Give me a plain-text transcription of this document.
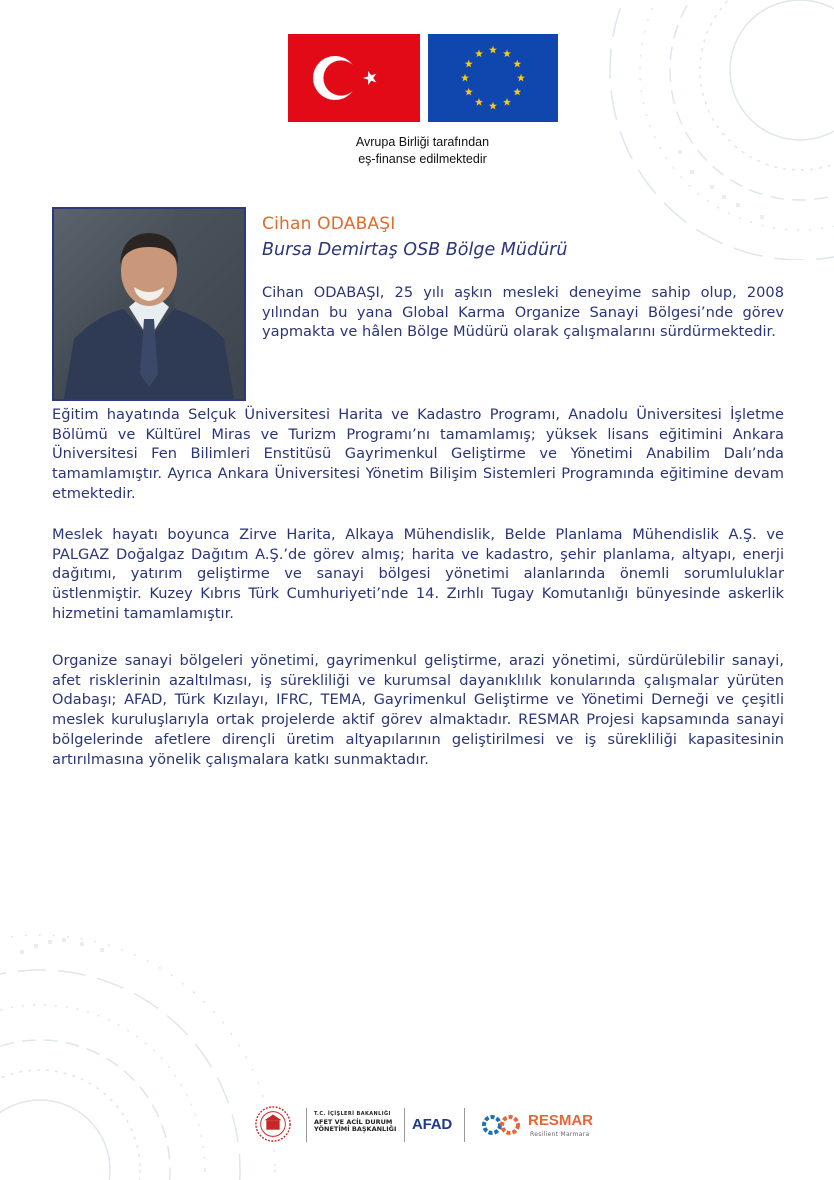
Avrupa Birliği tarafından
eş-finanse edilmektedir
Cihan ODABAŞI
Bursa Demirtaş OSB Bölge Müdürü
Cihan ODABAŞI, 25 yılı aşkın mesleki deneyime sahip olup, 2008 yılından bu yana Global Karma Organize Sanayi Bölgesi’nde görev yapmakta ve hâlen Bölge Müdürü olarak çalışmalarını sürdürmektedir.
Eğitim hayatında Selçuk Üniversitesi Harita ve Kadastro Programı, Anadolu Üniversitesi İşletme Bölümü ve Kültürel Miras ve Turizm Programı’nı tamamlamış; yüksek lisans eğitimini Ankara Üniversitesi Fen Bilimleri Enstitüsü Gayrimenkul Geliştirme ve Yönetimi Anabilim Dalı’nda tamamlamıştır. Ayrıca Ankara Üniversitesi Yönetim Bilişim Sistemleri Programında eğitimine devam etmektedir.
Meslek hayatı boyunca Zirve Harita, Alkaya Mühendislik, Belde Planlama Mühendislik A.Ş. ve PALGAZ Doğalgaz Dağıtım A.Ş.’de görev almış; harita ve kadastro, şehir planlama, altyapı, enerji dağıtımı, yatırım geliştirme ve sanayi bölgesi yönetimi alanlarında önemli sorumluluklar üstlenmiştir. Kuzey Kıbrıs Türk Cumhuriyeti’nde 14. Zırhlı Tugay Komutanlığı bünyesinde askerlik hizmetini tamamlamıştır.
Organize sanayi bölgeleri yönetimi, gayrimenkul geliştirme, arazi yönetimi, sürdürülebilir sanayi, afet risklerinin azaltılması, iş sürekliliği ve kurumsal dayanıklılık konularında çalışmalar yürüten Odabaşı; AFAD, Türk Kızılayı, IFRC, TEMA, Gayrimenkul Geliştirme ve Yönetimi Derneği ve çeşitli meslek kuruluşlarıyla ortak projelerde aktif görev almaktadır. RESMAR Projesi kapsamında sanayi bölgelerinde afetlere dirençli üretim altyapılarının geliştirilmesi ve iş sürekliliği kapasitesinin artırılmasına yönelik çalışmalara katkı sunmaktadır.
T.C. İÇİŞLERİ BAKANLIĞI
AFET VE ACİL DURUM
YÖNETİMİ BAŞKANLIĞI AFAD	RESMAR
Resilient Marmara
